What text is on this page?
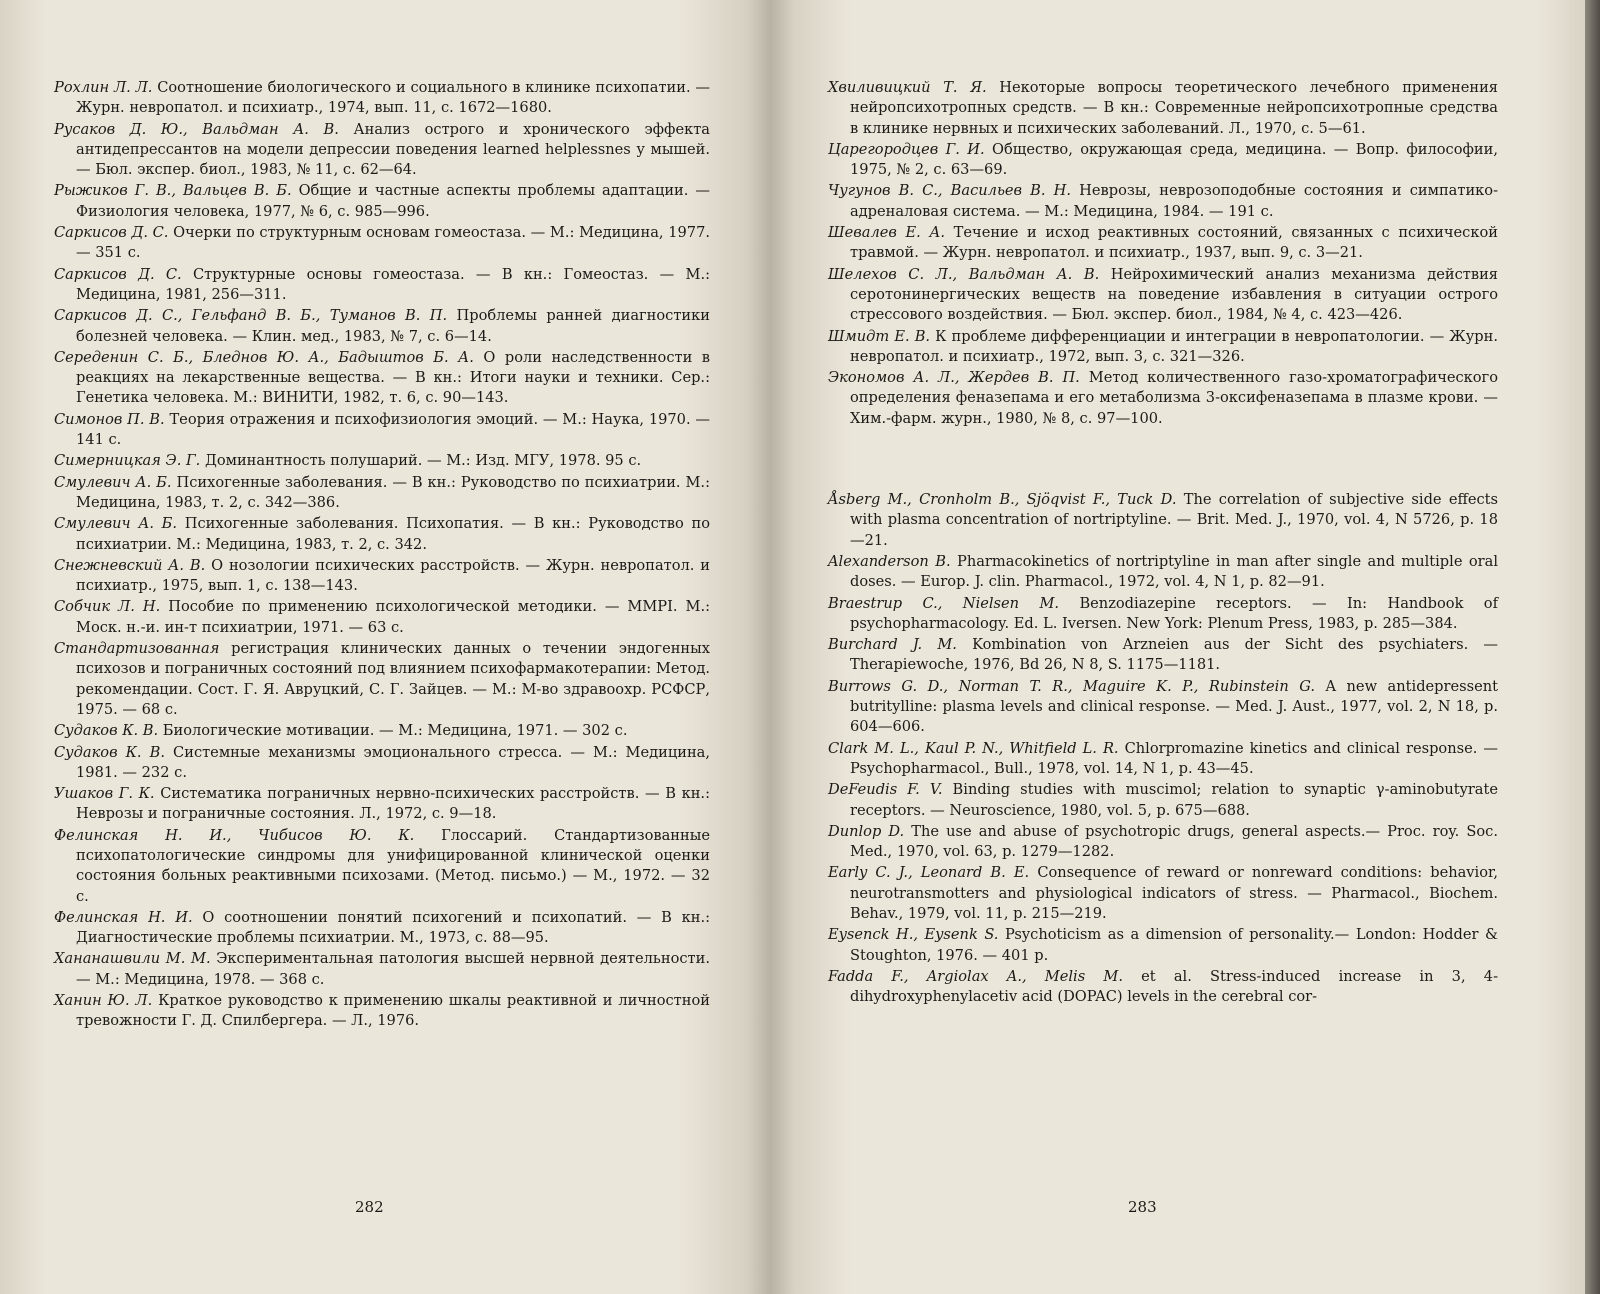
Рохлин Л. Л. Соотношение биологического и социального в клинике психопатии. — Журн. невропатол. и психиатр., 1974, вып. 11, с. 1672—1680.

Русаков Д. Ю., Вальдман А. В. Анализ острого и хронического эффекта антидепрессантов на модели депрессии поведения learned helplessnes у мышей. — Бюл. экспер. биол., 1983, № 11, с. 62—64.

Рыжиков Г. В., Вальцев В. Б. Общие и частные аспекты проблемы адаптации. — Физиология человека, 1977, № 6, с. 985—996.

Саркисов Д. С. Очерки по структурным основам гомеостаза. — М.: Медицина, 1977. — 351 с.

Саркисов Д. С. Структурные основы гомеостаза. — В кн.: Гомеостаз. — М.: Медицина, 1981, 256—311.

Саркисов Д. С., Гельфанд В. Б., Туманов В. П. Проблемы ранней диагностики болезней человека. — Клин. мед., 1983, № 7, с. 6—14.

Середенин С. Б., Бледнов Ю. А., Бадыштов Б. А. О роли наследственности в реакциях на лекарственные вещества. — В кн.: Итоги науки и техники. Сер.: Генетика человека. М.: ВИНИТИ, 1982, т. 6, с. 90—143.

Симонов П. В. Теория отражения и психофизиология эмоций. — М.: Наука, 1970. — 141 с.

Симерницкая Э. Г. Доминантность полушарий. — М.: Изд. МГУ, 1978. 95 с.

Смулевич А. Б. Психогенные заболевания. — В кн.: Руководство по психиатрии. М.: Медицина, 1983, т. 2, с. 342—386.

Смулевич А. Б. Психогенные заболевания. Психопатия. — В кн.: Руководство по психиатрии. М.: Медицина, 1983, т. 2, с. 342.

Снежневский А. В. О нозологии психических расстройств. — Журн. невропатол. и психиатр., 1975, вып. 1, с. 138—143.

Собчик Л. Н. Пособие по применению психологической методики. — MMPI. М.: Моск. н.-и. ин-т психиатрии, 1971. — 63 с.

Стандартизованная регистрация клинических данных о течении эндогенных психозов и пограничных состояний под влиянием психофармакотерапии: Метод. рекомендации. Сост. Г. Я. Авруцкий, С. Г. Зайцев. — М.: М-во здравоохр. РСФСР, 1975. — 68 с.

Судаков К. В. Биологические мотивации. — М.: Медицина, 1971. — 302 с.

Судаков К. В. Системные механизмы эмоционального стресса. — М.: Медицина, 1981. — 232 с.

Ушаков Г. К. Систематика пограничных нервно-психических расстройств. — В кн.: Неврозы и пограничные состояния. Л., 1972, с. 9—18.

Фелинская Н. И., Чибисов Ю. К. Глоссарий. Стандартизованные психопатологические синдромы для унифицированной клинической оценки состояния больных реактивными психозами. (Метод. письмо.) — М., 1972. — 32 с.

Фелинская Н. И. О соотношении понятий психогений и психопатий. — В кн.: Диагностические проблемы психиатрии. М., 1973, с. 88—95.

Хананашвили М. М. Экспериментальная патология высшей нервной деятельности. — М.: Медицина, 1978. — 368 с.

Ханин Ю. Л. Краткое руководство к применению шкалы реактивной и личностной тревожности Г. Д. Спилбергера. — Л., 1976.

282

Хвиливицкий Т. Я. Некоторые вопросы теоретического лечебного применения нейропсихотропных средств. — В кн.: Современные нейропсихотропные средства в клинике нервных и психических заболеваний. Л., 1970, с. 5—61.

Царегородцев Г. И. Общество, окружающая среда, медицина. — Вопр. философии, 1975, № 2, с. 63—69.

Чугунов В. С., Васильев В. Н. Неврозы, неврозоподобные состояния и симпатико-адреналовая система. — М.: Медицина, 1984. — 191 с.

Шевалев Е. А. Течение и исход реактивных состояний, связанных с психической травмой. — Журн. невропатол. и психиатр., 1937, вып. 9, с. 3—21.

Шелехов С. Л., Вальдман А. В. Нейрохимический анализ механизма действия серотонинергических веществ на поведение избавления в ситуации острого стрессового воздействия. — Бюл. экспер. биол., 1984, № 4, с. 423—426.

Шмидт Е. В. К проблеме дифференциации и интеграции в невропатологии. — Журн. невропатол. и психиатр., 1972, вып. 3, с. 321—326.

Экономов А. Л., Жердев В. П. Метод количественного газо-хроматографического определения феназепама и его метаболизма 3-оксифеназепама в плазме крови. — Хим.-фарм. журн., 1980, № 8, с. 97—100.

Åsberg M., Cronholm B., Sjöqvist F., Tuck D. The correlation of subjective side effects with plasma concentration of nortriptyline. — Brit. Med. J., 1970, vol. 4, N 5726, p. 18—21.

Alexanderson B. Pharmacokinetics of nortriptyline in man after single and multiple oral doses. — Europ. J. clin. Pharmacol., 1972, vol. 4, N 1, p. 82—91.

Braestrup C., Nielsen M. Benzodiazepine receptors. — In: Handbook of psychopharmacology. Ed. L. Iversen. New York: Plenum Press, 1983, p. 285—384.

Burchard J. M. Kombination von Arzneien aus der Sicht des psychiaters. — Therapiewoche, 1976, Bd 26, N 8, S. 1175—1181.

Burrows G. D., Norman T. R., Maguire K. P., Rubinstein G. A new antidepressent butritylline: plasma levels and clinical response. — Med. J. Aust., 1977, vol. 2, N 18, p. 604—606.

Clark M. L., Kaul P. N., Whitfield L. R. Chlorpromazine kinetics and clinical response. — Psychopharmacol., Bull., 1978, vol. 14, N 1, p. 43—45.

DeFeudis F. V. Binding studies with muscimol; relation to synaptic γ-aminobutyrate receptors. — Neuroscience, 1980, vol. 5, p. 675—688.

Dunlop D. The use and abuse of psychotropic drugs, general aspects.— Proc. roy. Soc. Med., 1970, vol. 63, p. 1279—1282.

Early C. J., Leonard B. E. Consequence of reward or nonreward conditions: behavior, neurotransmotters and physiological indicators of stress. — Pharmacol., Biochem. Behav., 1979, vol. 11, p. 215—219.

Eysenck H., Eysenk S. Psychoticism as a dimension of personality.— London: Hodder & Stoughton, 1976. — 401 p.

Fadda F., Argiolax A., Melis M. et al. Stress-induced increase in 3, 4-dihydroxyphenylacetiv acid (DOPAC) levels in the cerebral cor-

283
